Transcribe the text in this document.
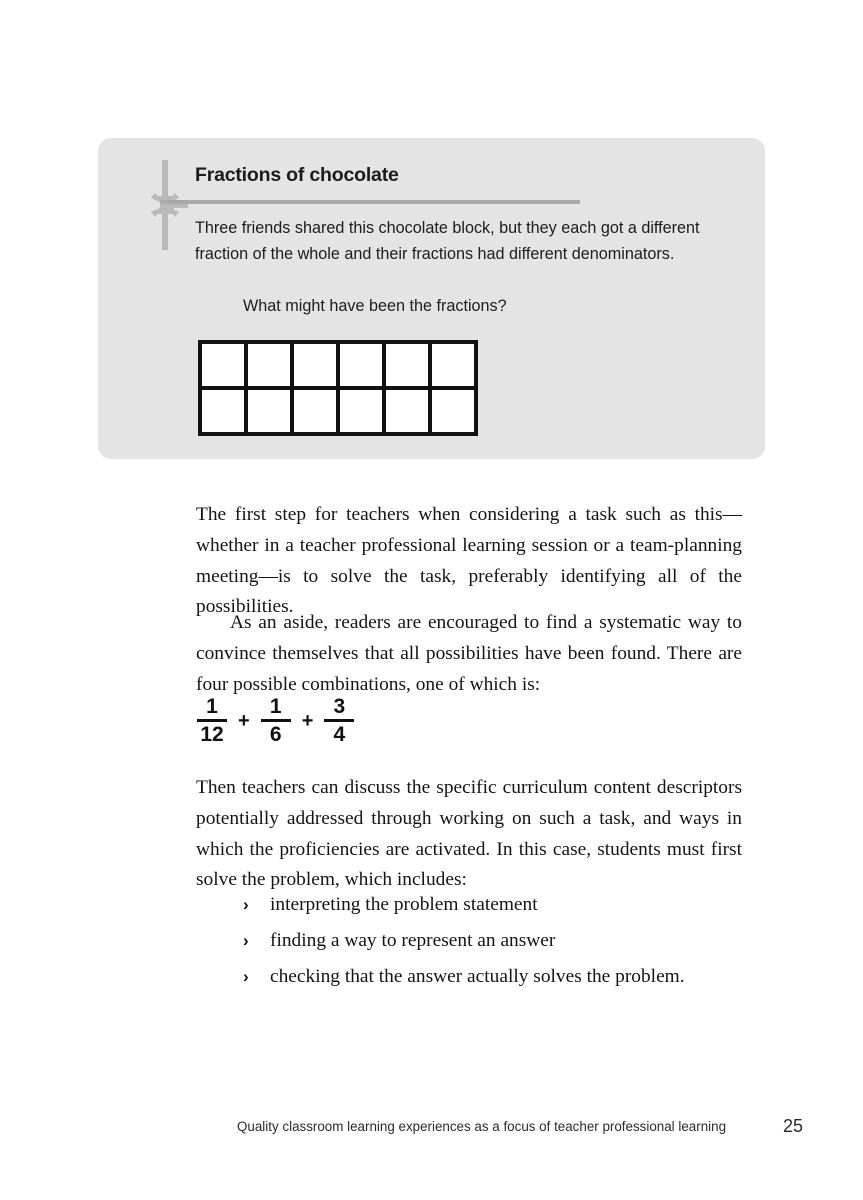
Fractions of chocolate
Three friends shared this chocolate block, but they each got a different fraction of the whole and their fractions had different denominators.
What might have been the fractions?

The first step for teachers when considering a task such as this—whether in a teacher professional learning session or a team-planning meeting—is to solve the task, preferably identifying all of the possibilities.

As an aside, readers are encouraged to find a systematic way to convince themselves that all possibilities have been found. There are four possible combinations, one of which is:

$\frac{1}{12} + \frac{1}{6} + \frac{3}{4}$

Then teachers can discuss the specific curriculum content descriptors potentially addressed through working on such a task, and ways in which the proficiencies are activated. In this case, students must first solve the problem, which includes:

›	interpreting the problem statement
›	finding a way to represent an answer
›	checking that the answer actually solves the problem.
Quality classroom learning experiences as a focus of teacher professional learning	25
